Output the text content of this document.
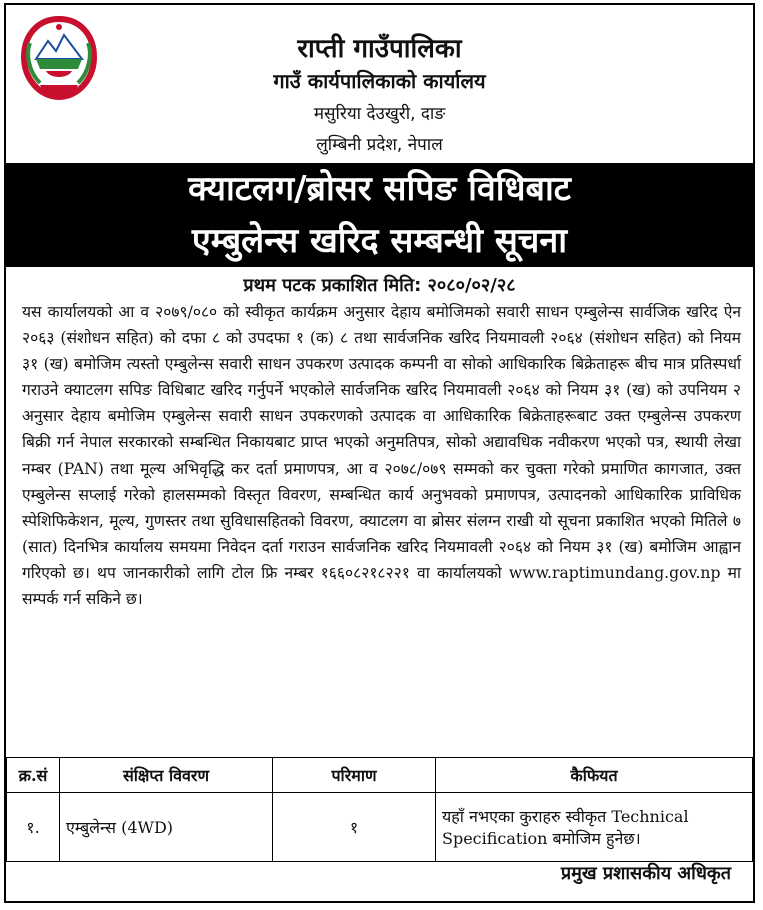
राप्ती गाउँपालिका
गाउँ कार्यपालिकाको कार्यालय
मसुरिया देउखुरी, दाङ
लुम्बिनी प्रदेश, नेपाल
क्याटलग/ब्रोसर सपिङ विधिबाट
एम्बुलेन्स खरिद सम्बन्धी सूचना
प्रथम पटक प्रकाशित मिति: २०८०/०२/२८
यस कार्यालयको आ व २०७९/०८० को स्वीकृत कार्यक्रम अनुसार देहाय बमोजिमको सवारी साधन एम्बुलेन्स सार्वजिक खरिद ऐन २०६३ (संशोधन सहित) को दफा ८ को उपदफा १ (क) ८ तथा सार्वजनिक खरिद नियमावली २०६४ (संशोधन सहित) को नियम ३१ (ख) बमोजिम त्यस्तो एम्बुलेन्स सवारी साधन उपकरण उत्पादक कम्पनी वा सोको आधिकारिक बिक्रेताहरू बीच मात्र प्रतिस्पर्धा गराउने क्याटलग सपिङ विधिबाट खरिद गर्नुपर्ने भएकोले सार्वजनिक खरिद नियमावली २०६४ को नियम ३१ (ख) को उपनियम २ अनुसार देहाय बमोजिम एम्बुलेन्स सवारी साधन उपकरणको उत्पादक वा आधिकारिक बिक्रेताहरूबाट उक्त एम्बुलेन्स उपकरण बिक्री गर्न नेपाल सरकारको सम्बन्धित निकायबाट प्राप्त भएको अनुमतिपत्र, सोको अद्यावधिक नवीकरण भएको पत्र, स्थायी लेखा नम्बर (PAN) तथा मूल्य अभिवृद्धि कर दर्ता प्रमाणपत्र, आ व २०७८/०७९ सम्मको कर चुक्ता गरेको प्रमाणित कागजात, उक्त एम्बुलेन्स सप्लाई गरेको हालसम्मको विस्तृत विवरण, सम्बन्धित कार्य अनुभवको प्रमाणपत्र, उत्पादनको आधिकारिक प्राविधिक स्पेशिफिकेशन, मूल्य, गुणस्तर तथा सुविधासहितको विवरण, क्याटलग वा ब्रोसर संलग्न राखी यो सूचना प्रकाशित भएको मितिले ७ (सात) दिनभित्र कार्यालय समयमा निवेदन दर्ता गराउन सार्वजनिक खरिद नियमावली २०६४ को नियम ३१ (ख) बमोजिम आह्वान गरिएको छ। थप जानकारीको लागि टोल फ्रि नम्बर १६६०८२१८२२१ वा कार्यालयको www.raptimundang.gov.np मा सम्पर्क गर्न सकिने छ।
क्र.सं	संक्षिप्त विवरण	परिमाण	कैफियत
१.	एम्बुलेन्स (4WD)	१	यहाँ नभएका कुराहरु स्वीकृत Technical Specification बमोजिम हुनेछ।
प्रमुख प्रशासकीय अधिकृत
